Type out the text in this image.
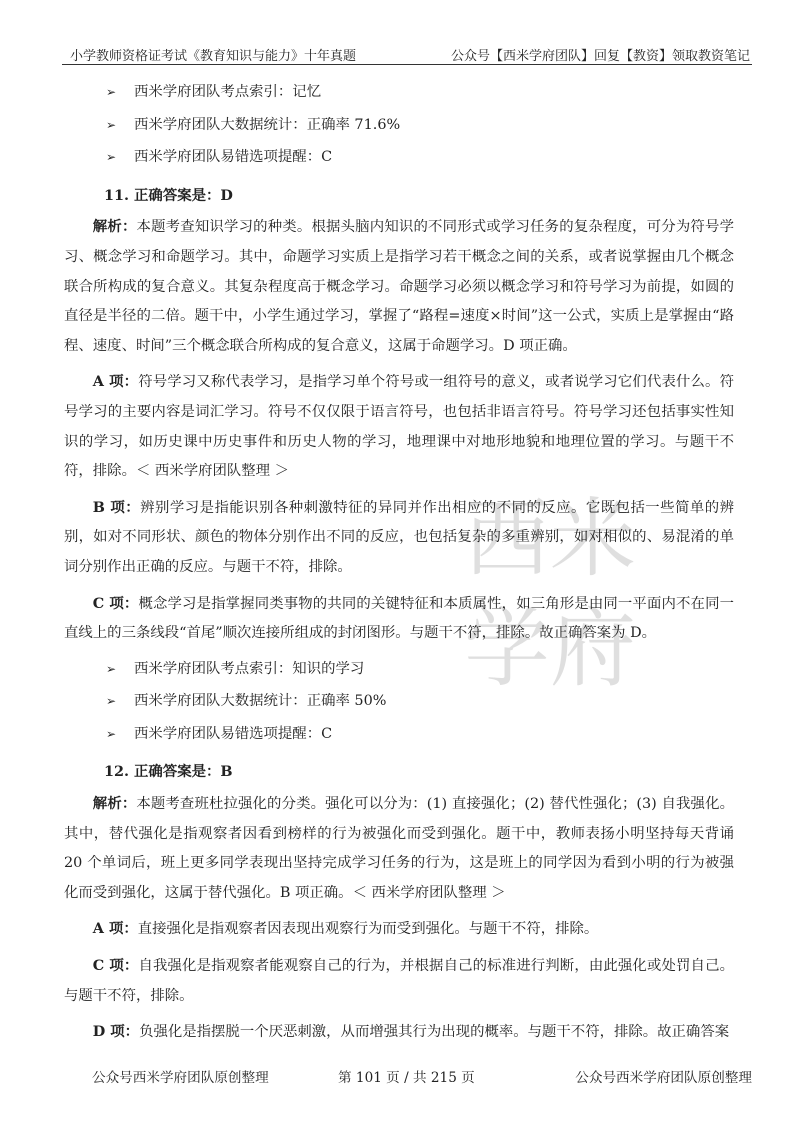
小学教师资格证考试《教育知识与能力》十年真题	公众号【西米学府团队】回复【教资】领取教资笔记
西米
学府
➢	西米学府团队考点索引：记忆
➢	西米学府团队大数据统计：正确率 71.6%
➢	西米学府团队易错选项提醒：C
11. 正确答案是：D

解析：本题考查知识学习的种类。根据头脑内知识的不同形式或学习任务的复杂程度，可分为符号学习、概念学习和命题学习。其中，命题学习实质上是指学习若干概念之间的关系，或者说掌握由几个概念联合所构成的复合意义。其复杂程度高于概念学习。命题学习必须以概念学习和符号学习为前提，如圆的直径是半径的二倍。题干中，小学生通过学习，掌握了“路程=速度×时间”这一公式，实质上是掌握由“路程、速度、时间”三个概念联合所构成的复合意义，这属于命题学习。D 项正确。

A 项：符号学习又称代表学习，是指学习单个符号或一组符号的意义，或者说学习它们代表什么。符号学习的主要内容是词汇学习。符号不仅仅限于语言符号，也包括非语言符号。符号学习还包括事实性知识的学习，如历史课中历史事件和历史人物的学习，地理课中对地形地貌和地理位置的学习。与题干不符，排除。＜ 西米学府团队整理 ＞

B 项：辨别学习是指能识别各种刺激特征的异同并作出相应的不同的反应。它既包括一些简单的辨别，如对不同形状、颜色的物体分别作出不同的反应，也包括复杂的多重辨别，如对相似的、易混淆的单词分别作出正确的反应。与题干不符，排除。

C 项：概念学习是指掌握同类事物的共同的关键特征和本质属性，如三角形是由同一平面内不在同一直线上的三条线段“首尾”顺次连接所组成的封闭图形。与题干不符，排除。故正确答案为 D。

➢	西米学府团队考点索引：知识的学习
➢	西米学府团队大数据统计：正确率 50%
➢	西米学府团队易错选项提醒：C
12. 正确答案是：B

解析：本题考查班杜拉强化的分类。强化可以分为：(1) 直接强化；(2) 替代性强化；(3) 自我强化。其中，替代强化是指观察者因看到榜样的行为被强化而受到强化。题干中，教师表扬小明坚持每天背诵 20 个单词后，班上更多同学表现出坚持完成学习任务的行为，这是班上的同学因为看到小明的行为被强化而受到强化，这属于替代强化。B 项正确。＜ 西米学府团队整理 ＞

A 项：直接强化是指观察者因表现出观察行为而受到强化。与题干不符，排除。

C 项：自我强化是指观察者能观察自己的行为，并根据自己的标准进行判断，由此强化或处罚自己。与题干不符，排除。

D 项：负强化是指摆脱一个厌恶刺激，从而增强其行为出现的概率。与题干不符，排除。故正确答案

公众号西米学府团队原创整理	第 101 页 / 共 215 页	公众号西米学府团队原创整理
